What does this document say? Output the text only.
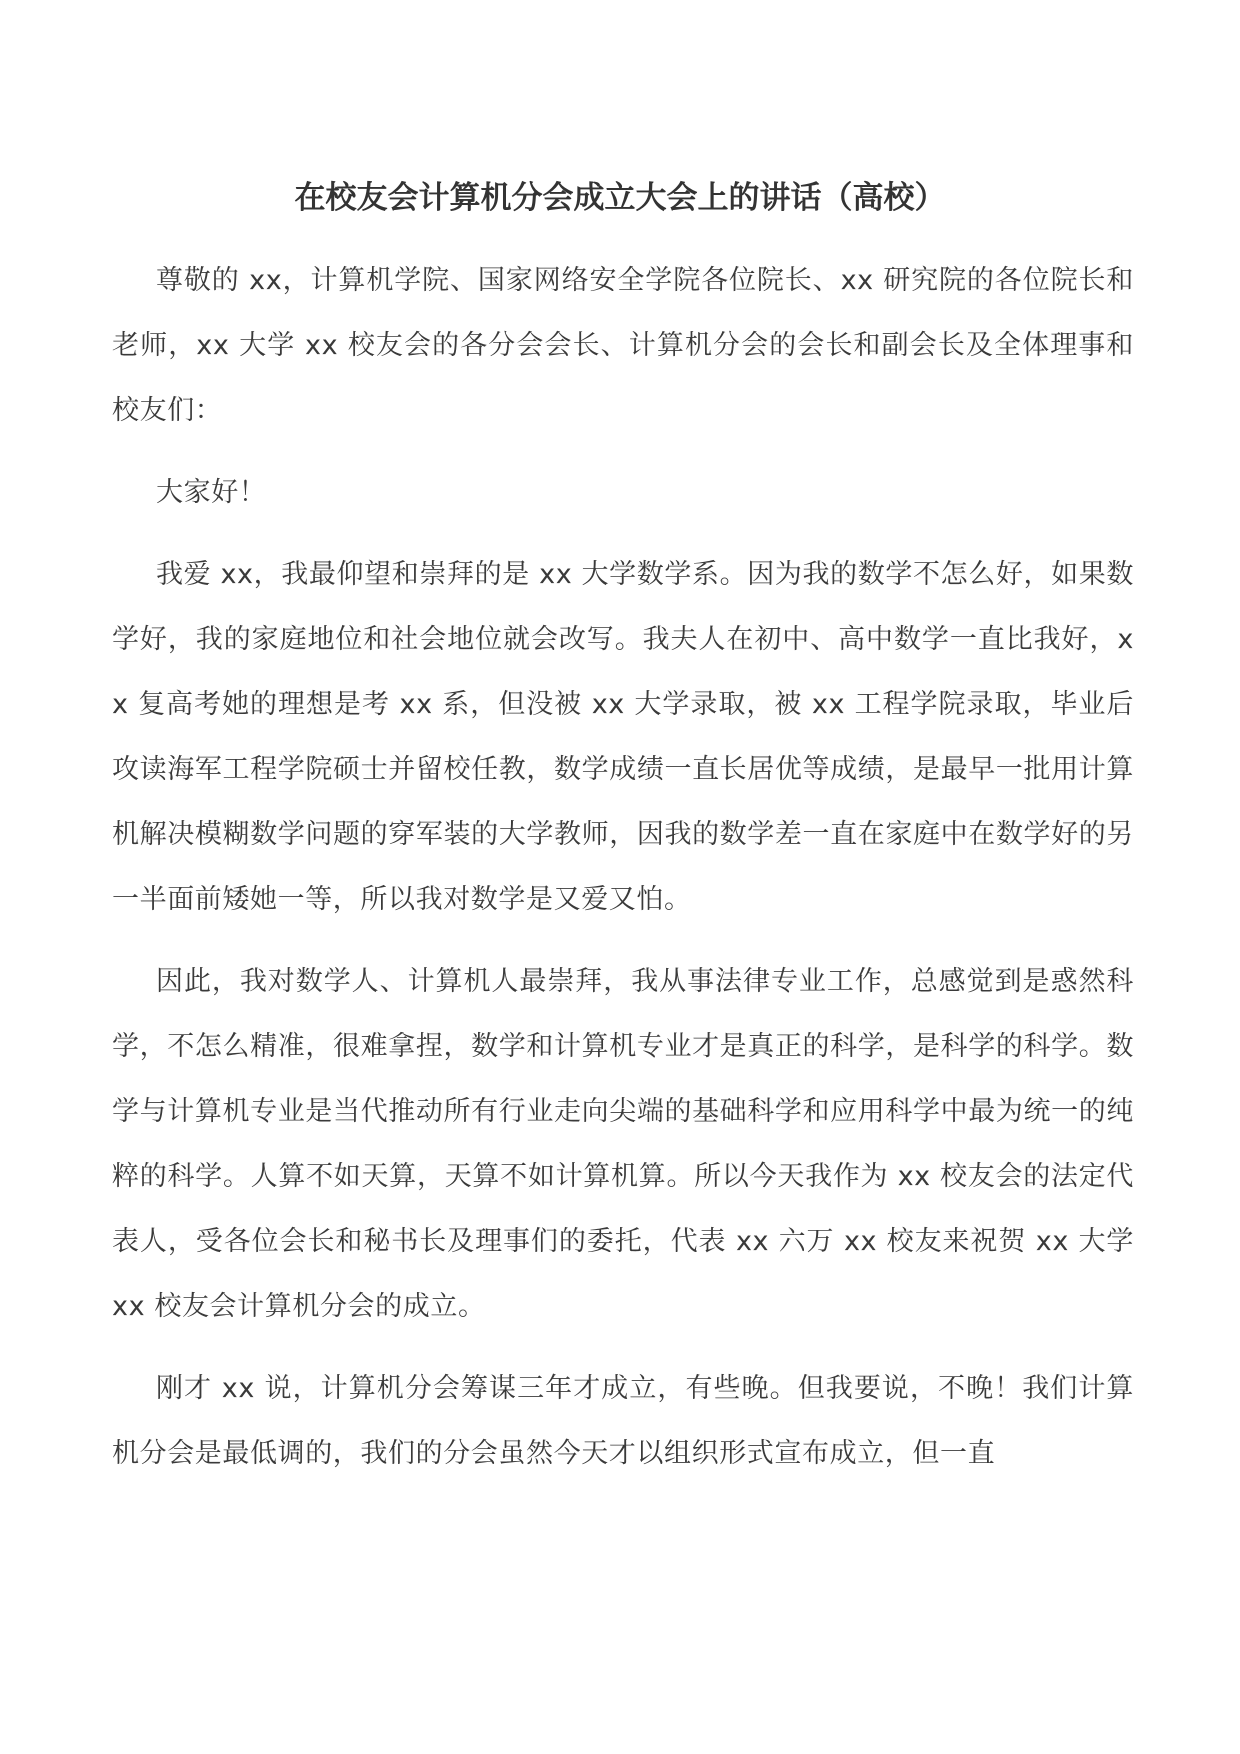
在校友会计算机分会成立大会上的讲话（高校）

尊敬的 xx，计算机学院、国家网络安全学院各位院长、xx 研究院的各位院长和老师，xx 大学 xx 校友会的各分会会长、计算机分会的会长和副会长及全体理事和校友们：

大家好！

我爱 xx，我最仰望和崇拜的是 xx 大学数学系。因为我的数学不怎么好，如果数学好，我的家庭地位和社会地位就会改写。我夫人在初中、高中数学一直比我好，xx 复高考她的理想是考 xx 系，但没被 xx 大学录取，被 xx 工程学院录取，毕业后攻读海军工程学院硕士并留校任教，数学成绩一直长居优等成绩，是最早一批用计算机解决模糊数学问题的穿军装的大学教师，因我的数学差一直在家庭中在数学好的另一半面前矮她一等，所以我对数学是又爱又怕。

因此，我对数学人、计算机人最崇拜，我从事法律专业工作，总感觉到是惑然科学，不怎么精准，很难拿捏，数学和计算机专业才是真正的科学，是科学的科学。数学与计算机专业是当代推动所有行业走向尖端的基础科学和应用科学中最为统一的纯粹的科学。人算不如天算，天算不如计算机算。所以今天我作为 xx 校友会的法定代表人，受各位会长和秘书长及理事们的委托，代表 xx 六万 xx 校友来祝贺 xx 大学 xx 校友会计算机分会的成立。

刚才 xx 说，计算机分会筹谋三年才成立，有些晚。但我要说，不晚！我们计算机分会是最低调的，我们的分会虽然今天才以组织形式宣布成立，但一直
